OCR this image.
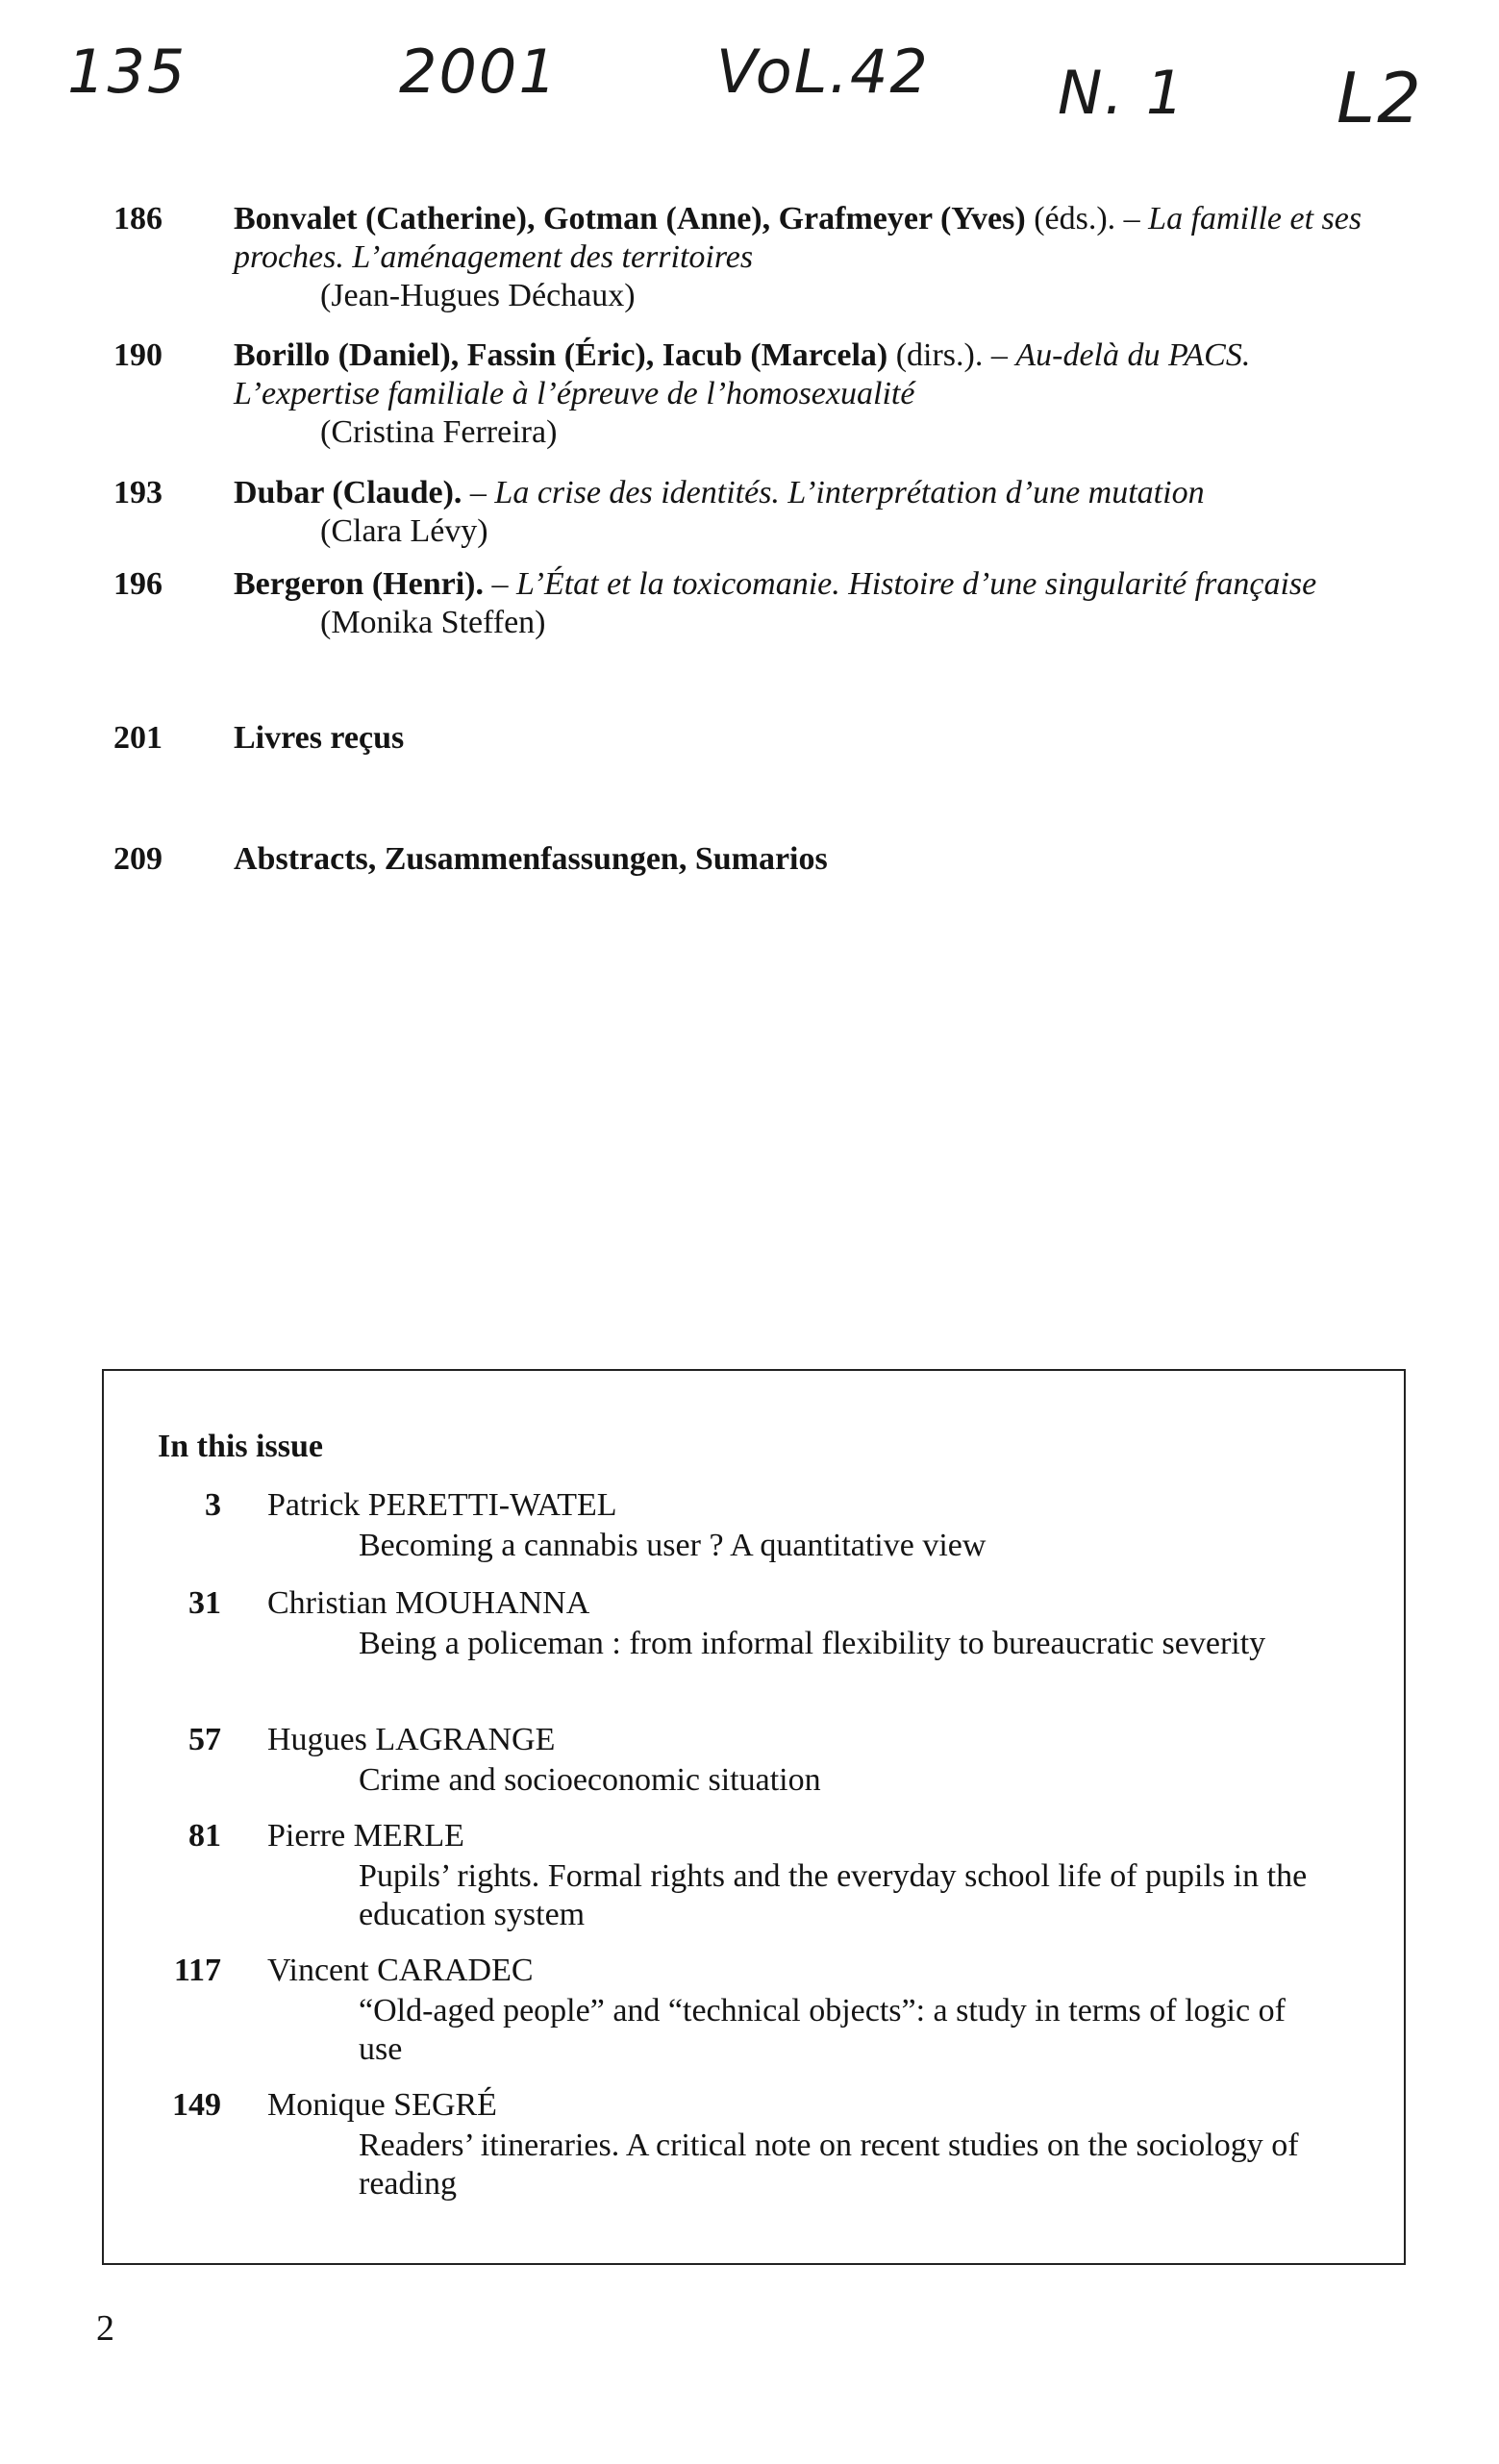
135	2001	VoL.42 N. 1 L2
186 Bonvalet (Catherine), Gotman (Anne), Grafmeyer (Yves) (éds.). – La famille et ses proches. L’aménagement des territoires
(Jean-Hugues Déchaux)
190 Borillo (Daniel), Fassin (Éric), Iacub (Marcela) (dirs.). – Au-delà du PACS. L’expertise familiale à l’épreuve de l’homosexualité
(Cristina Ferreira)
193 Dubar (Claude). – La crise des identités. L’interprétation d’une mutation
(Clara Lévy)
196 Bergeron (Henri). – L’État et la toxicomanie. Histoire d’une singularité française
(Monika Steffen)
201 Livres reçus
209 Abstracts, Zusammenfassungen, Sumarios
In this issue
3 Patrick PERETTI-WATEL
Becoming a cannabis user ? A quantitative view
31 Christian MOUHANNA
Being a policeman : from informal flexibility to bureaucratic severity
57 Hugues LAGRANGE
Crime and socioeconomic situation
81 Pierre MERLE
Pupils’ rights. Formal rights and the everyday school life of pupils in the education system
117 Vincent CARADEC
“Old-aged people” and “technical objects”: a study in terms of logic of use
149 Monique SEGRÉ
Readers’ itineraries. A critical note on recent studies on the sociology of reading
2
